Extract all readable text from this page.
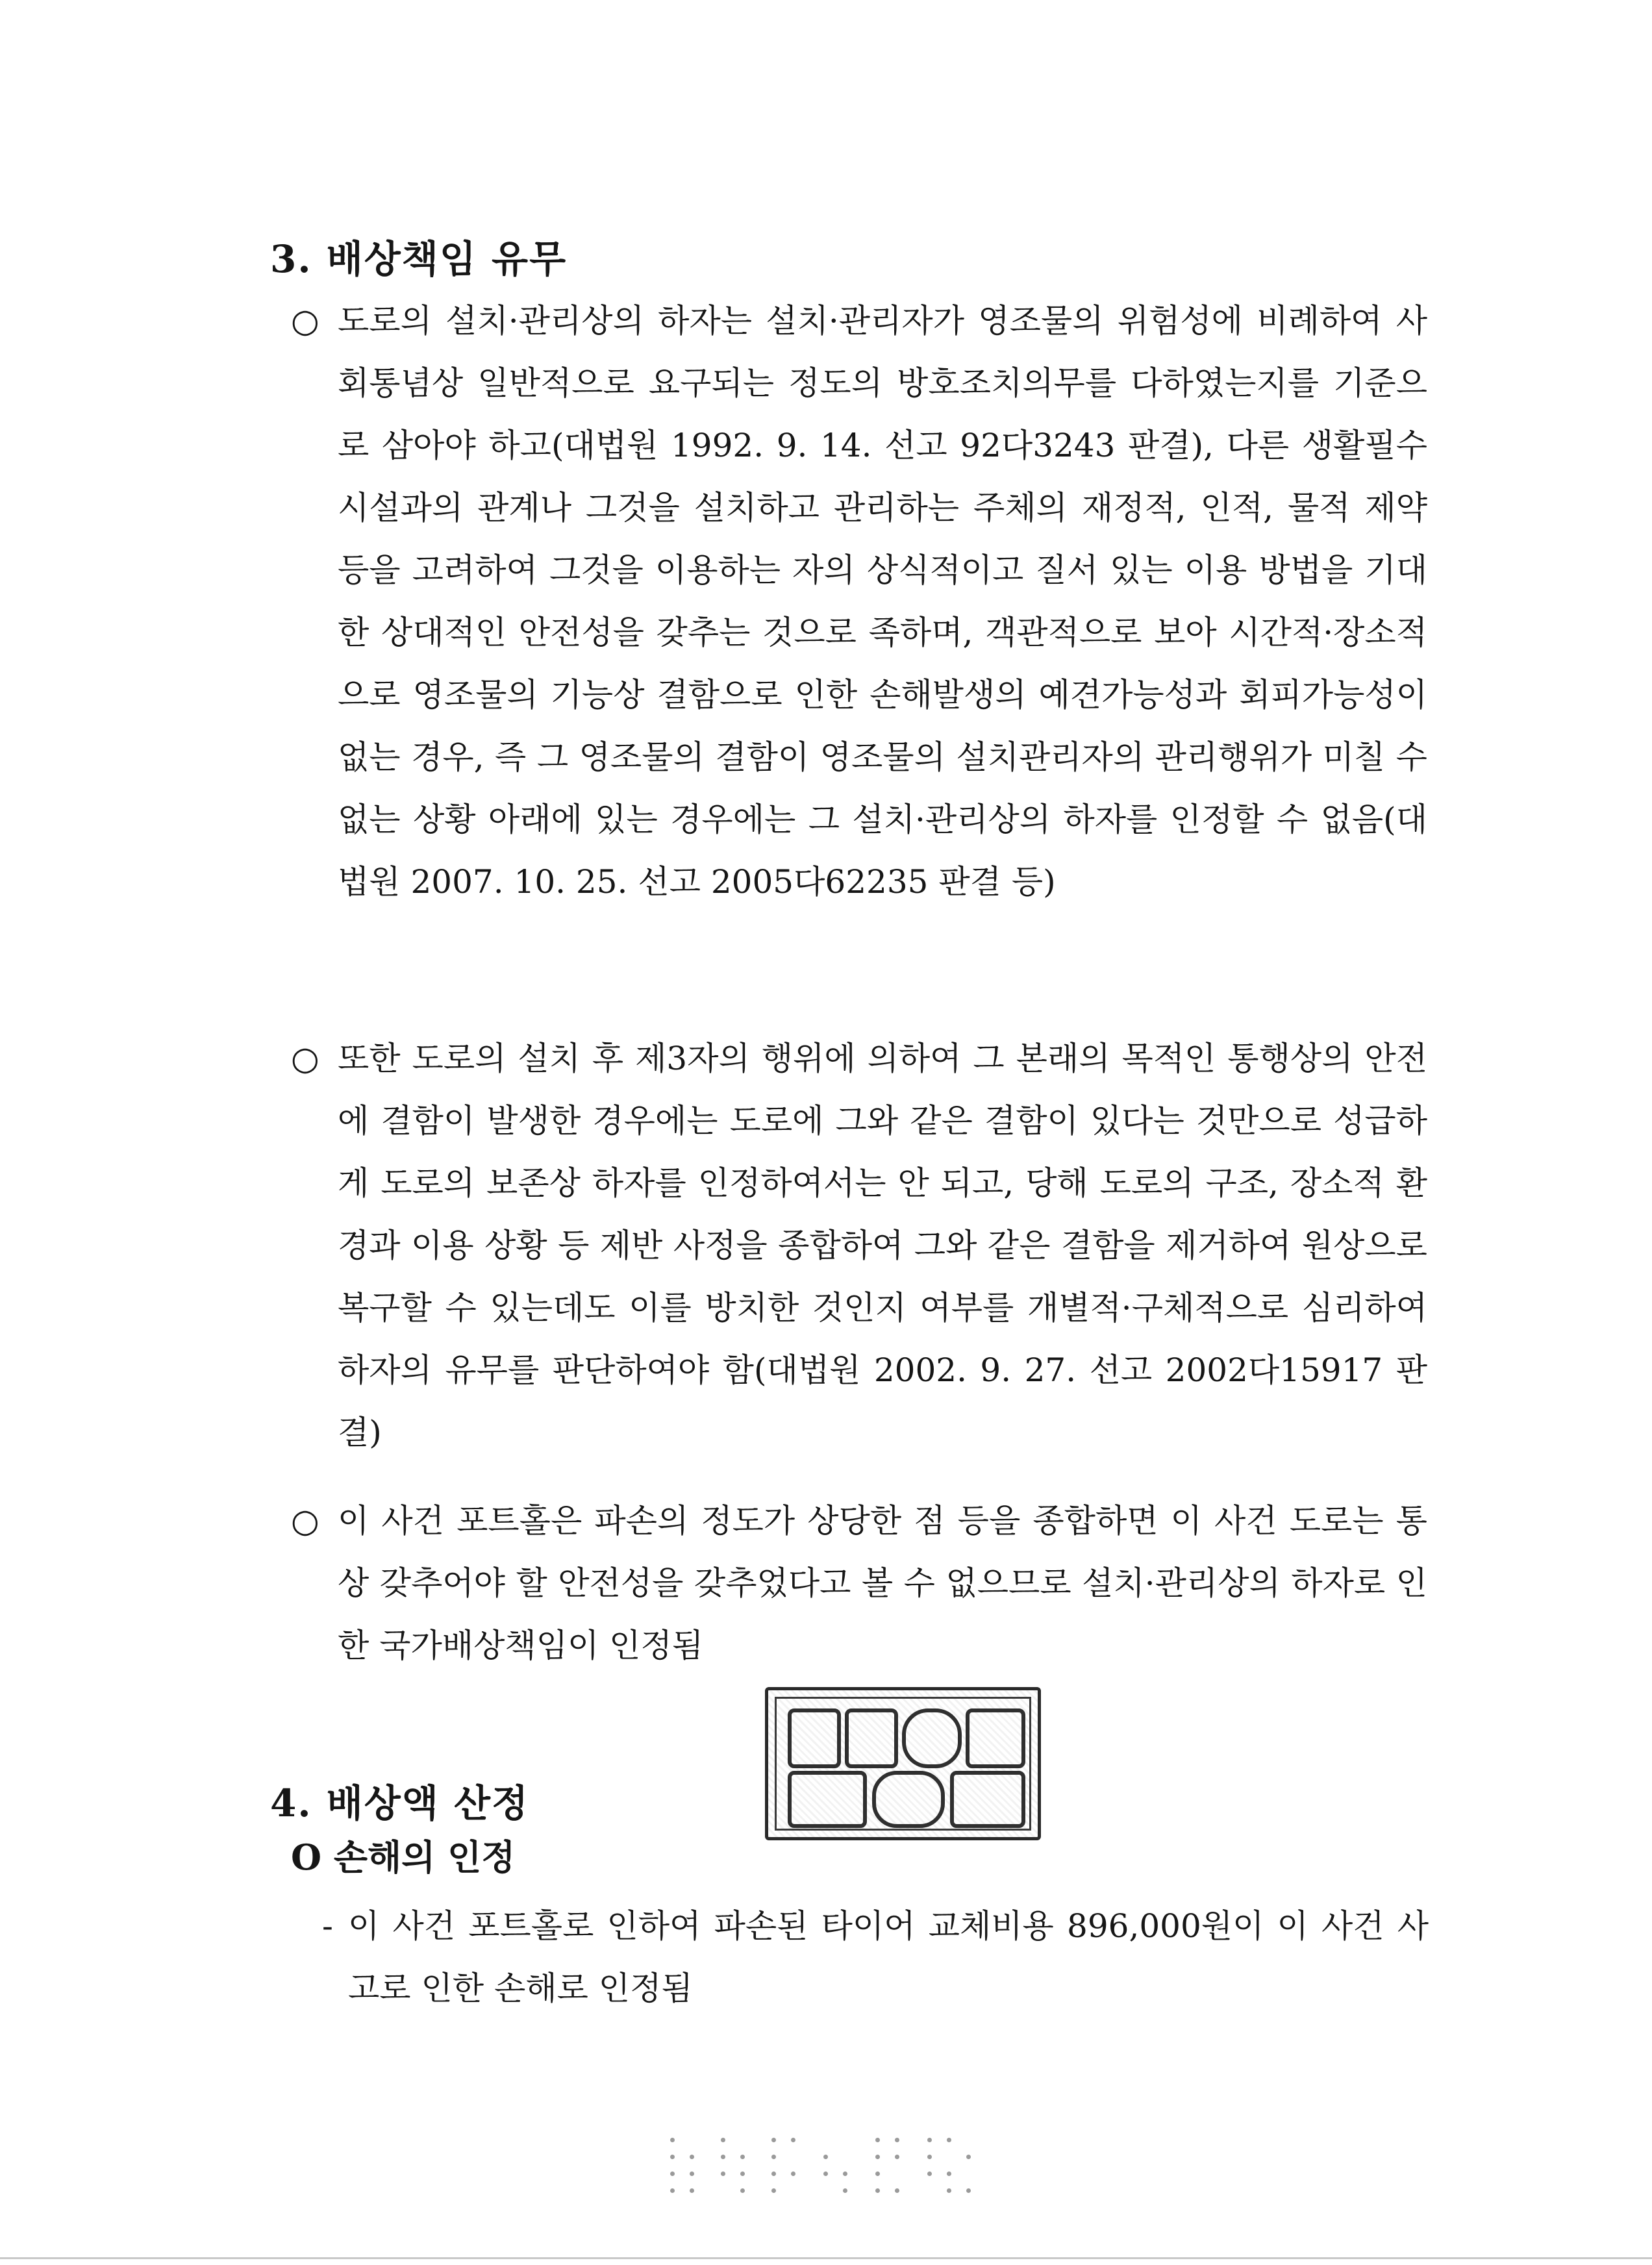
3. 배상책임 유무
○ 도로의 설치·관리상의 하자는 설치·관리자가 영조물의 위험성에 비례하여 사회통념상 일반적으로 요구되는 정도의 방호조치의무를 다하였는지를 기준으로 삼아야 하고(대법원 1992. 9. 14. 선고 92다3243 판결), 다른 생활필수시설과의 관계나 그것을 설치하고 관리하는 주체의 재정적, 인적, 물적 제약 등을 고려하여 그것을 이용하는 자의 상식적이고 질서 있는 이용 방법을 기대한 상대적인 안전성을 갖추는 것으로 족하며, 객관적으로 보아 시간적·장소적으로 영조물의 기능상 결함으로 인한 손해발생의 예견가능성과 회피가능성이 없는 경우, 즉 그 영조물의 결함이 영조물의 설치관리자의 관리행위가 미칠 수 없는 상황 아래에 있는 경우에는 그 설치·관리상의 하자를 인정할 수 없음(대법원 2007. 10. 25. 선고 2005다62235 판결 등)
○ 또한 도로의 설치 후 제3자의 행위에 의하여 그 본래의 목적인 통행상의 안전에 결함이 발생한 경우에는 도로에 그와 같은 결함이 있다는 것만으로 성급하게 도로의 보존상 하자를 인정하여서는 안 되고, 당해 도로의 구조, 장소적 환경과 이용 상황 등 제반 사정을 종합하여 그와 같은 결함을 제거하여 원상으로 복구할 수 있는데도 이를 방치한 것인지 여부를 개별적·구체적으로 심리하여 하자의 유무를 판단하여야 함(대법원 2002. 9. 27. 선고 2002다15917 판결)
○ 이 사건 포트홀은 파손의 정도가 상당한 점 등을 종합하면 이 사건 도로는 통상 갖추어야 할 안전성을 갖추었다고 볼 수 없으므로 설치·관리상의 하자로 인한 국가배상책임이 인정됨
4. 배상액 산정
O 손해의 인정
- 이 사건 포트홀로 인하여 파손된 타이어 교체비용 896,000원이 이 사건 사고로 인한 손해로 인정됨
